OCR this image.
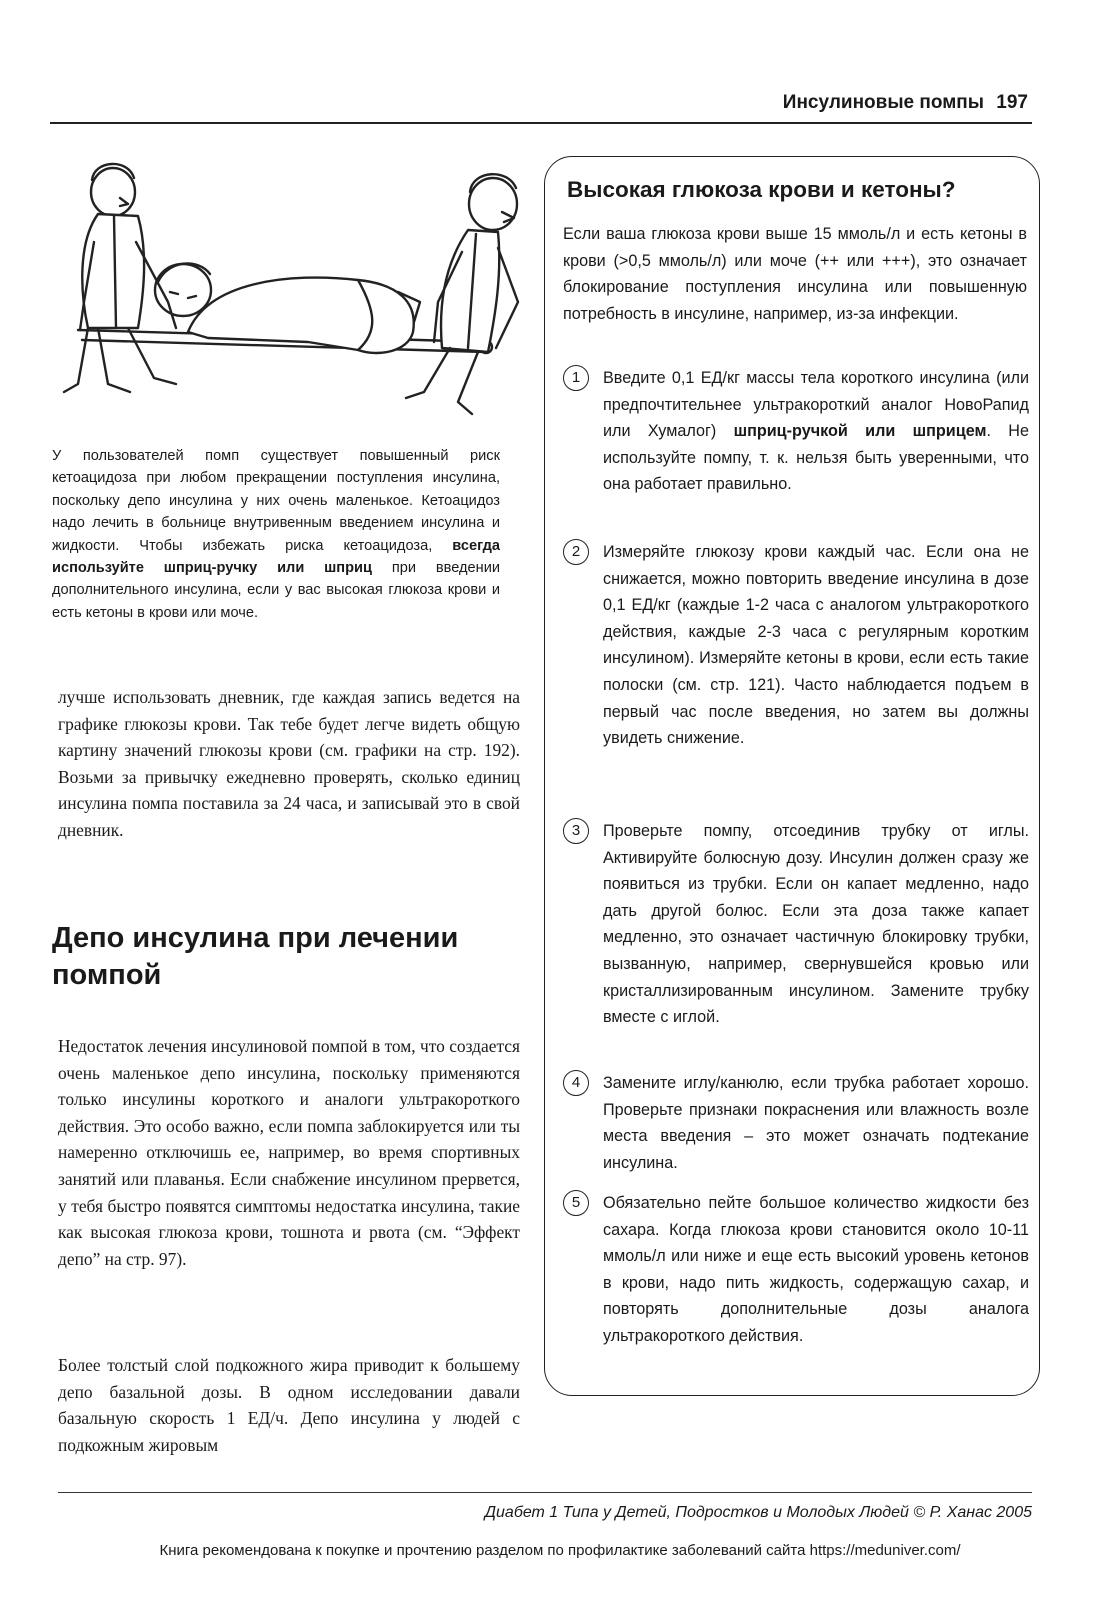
Инсулиновые помпы 197
У пользователей помп существует повышенный риск кетоацидоза при любом прекращении поступления инсулина, поскольку депо инсулина у них очень маленькое. Кетоацидоз надо лечить в больнице внутривенным введением инсулина и жидкости. Чтобы избежать риска кетоацидоза, всегда используйте шприц-ручку или шприц при введении дополнительного инсулина, если у вас высокая глюкоза крови и есть кетоны в крови или моче.

лучше использовать дневник, где каждая запись ведется на графике глюкозы крови. Так тебе будет легче видеть общую картину значений глюкозы крови (см. графики на стр. 192). Возьми за привычку ежедневно проверять, сколько единиц инсулина помпа поставила за 24 часа, и записывай это в свой дневник.

Депо инсулина при лечении помпой

Недостаток лечения инсулиновой помпой в том, что создается очень маленькое депо инсулина, поскольку применяются только инсулины короткого и аналоги ультракороткого действия. Это особо важно, если помпа заблокируется или ты намеренно отключишь ее, например, во время спортивных занятий или плаванья. Если снабжение инсулином прервется, у тебя быстро появятся симптомы недостатка инсулина, такие как высокая глюкоза крови, тошнота и рвота (см. “Эффект депо” на стр. 97).

Более толстый слой подкожного жира приводит к большему депо базальной дозы. В одном исследовании давали базальную скорость 1 ЕД/ч. Депо инсулина у людей с подкожным жировым

Высокая глюкоза крови и кетоны?

Если ваша глюкоза крови выше 15 ммоль/л и есть кетоны в крови (>0,5 ммоль/л) или моче (++ или +++), это означает блокирование поступления инсулина или повышенную потребность в инсулине, например, из-за инфекции.

1	Введите 0,1 ЕД/кг массы тела короткого инсулина (или предпочтительнее ультракороткий аналог НовоРапид или Хумалог) шприц-ручкой или шприцем. Не используйте помпу, т. к. нельзя быть уверенными, что она работает правильно.
2	Измеряйте глюкозу крови каждый час. Если она не снижается, можно повторить введение инсулина в дозе 0,1 ЕД/кг (каждые 1-2 часа с аналогом ультракороткого действия, каждые 2-3 часа с регулярным коротким инсулином). Измеряйте кетоны в крови, если есть такие полоски (см. стр. 121). Часто наблюдается подъем в первый час после введения, но затем вы должны увидеть снижение.
3	Проверьте помпу, отсоединив трубку от иглы. Активируйте болюсную дозу. Инсулин должен сразу же появиться из трубки. Если он капает медленно, надо дать другой болюс. Если эта доза также капает медленно, это означает частичную блокировку трубки, вызванную, например, свернувшейся кровью или кристаллизированным инсулином. Замените трубку вместе с иглой.
4	Замените иглу/канюлю, если трубка работает хорошо. Проверьте признаки покраснения или влажность возле места введения – это может означать подтекание инсулина.
5	Обязательно пейте большое количество жидкости без сахара. Когда глюкоза крови становится около 10-11 ммоль/л или ниже и еще есть высокий уровень кетонов в крови, надо пить жидкость, содержащую сахар, и повторять дополнительные дозы аналога ультракороткого действия.
Диабет 1 Типа у Детей, Подростков и Молодых Людей © Р. Ханас 2005
Книга рекомендована к покупке и прочтению разделом по профилактике заболеваний сайта https://meduniver.com/
